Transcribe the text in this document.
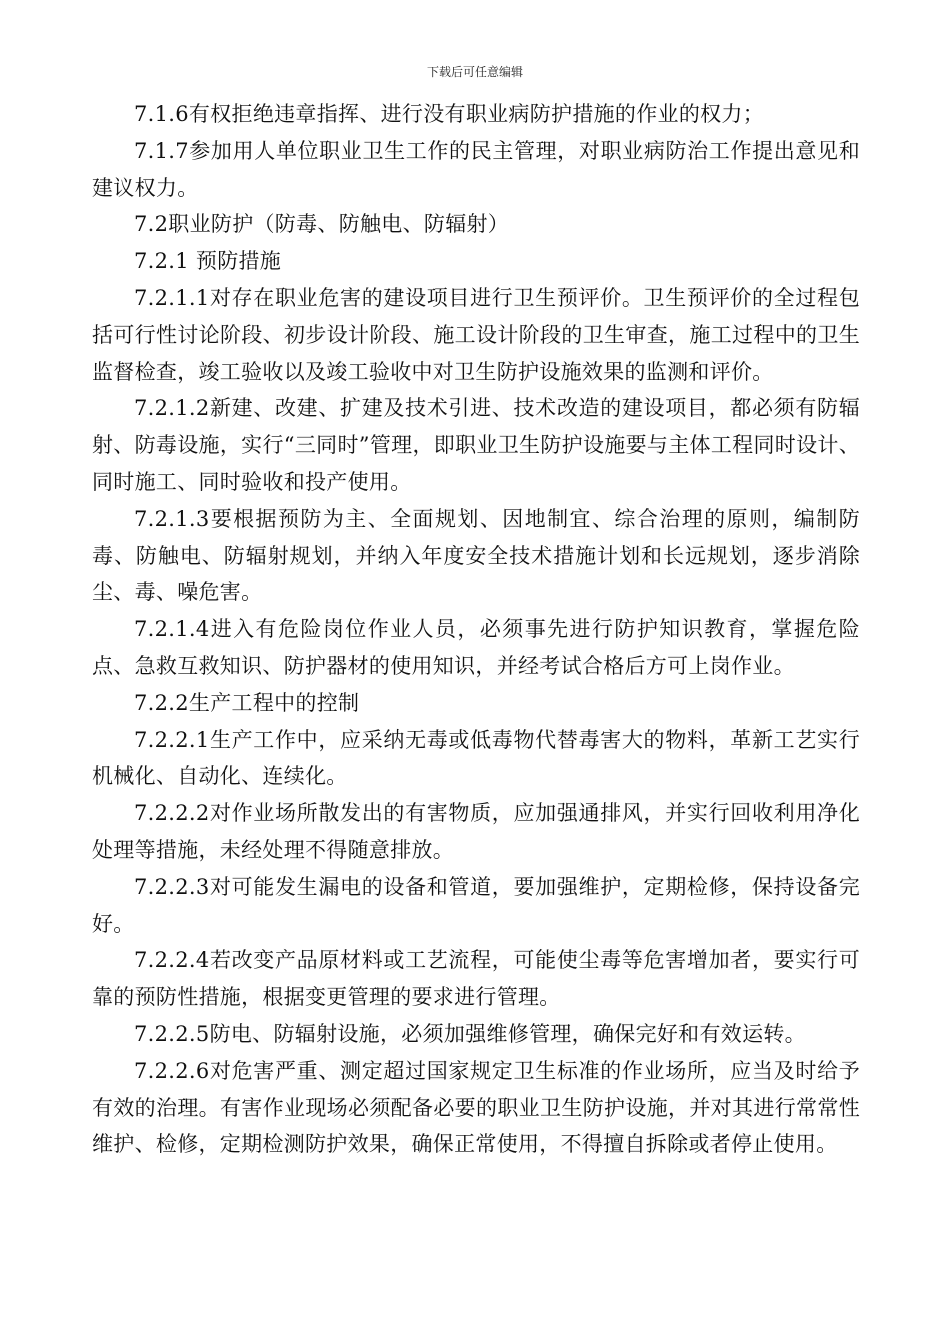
下载后可任意编辑

7.1.6有权拒绝违章指挥、进行没有职业病防护措施的作业的权力；

7.1.7参加用人单位职业卫生工作的民主管理，对职业病防治工作提出意见和建议权力。

7.2职业防护（防毒、防触电、防辐射）

7.2.1 预防措施

7.2.1.1对存在职业危害的建设项目进行卫生预评价。卫生预评价的全过程包括可行性讨论阶段、初步设计阶段、施工设计阶段的卫生审查，施工过程中的卫生监督检查，竣工验收以及竣工验收中对卫生防护设施效果的监测和评价。

7.2.1.2新建、改建、扩建及技术引进、技术改造的建设项目，都必须有防辐射、防毒设施，实行“三同时”管理，即职业卫生防护设施要与主体工程同时设计、同时施工、同时验收和投产使用。

7.2.1.3要根据预防为主、全面规划、因地制宜、综合治理的原则，编制防毒、防触电、防辐射规划，并纳入年度安全技术措施计划和长远规划，逐步消除尘、毒、噪危害。

7.2.1.4进入有危险岗位作业人员，必须事先进行防护知识教育，掌握危险点、急救互救知识、防护器材的使用知识，并经考试合格后方可上岗作业。

7.2.2生产工程中的控制

7.2.2.1生产工作中，应采纳无毒或低毒物代替毒害大的物料，革新工艺实行机械化、自动化、连续化。

7.2.2.2对作业场所散发出的有害物质，应加强通排风，并实行回收利用净化处理等措施，未经处理不得随意排放。

7.2.2.3对可能发生漏电的设备和管道，要加强维护，定期检修，保持设备完好。

7.2.2.4若改变产品原材料或工艺流程，可能使尘毒等危害增加者，要实行可靠的预防性措施，根据变更管理的要求进行管理。

7.2.2.5防电、防辐射设施，必须加强维修管理，确保完好和有效运转。

7.2.2.6对危害严重、测定超过国家规定卫生标准的作业场所，应当及时给予有效的治理。有害作业现场必须配备必要的职业卫生防护设施，并对其进行常常性维护、检修，定期检测防护效果，确保正常使用，不得擅自拆除或者停止使用。
